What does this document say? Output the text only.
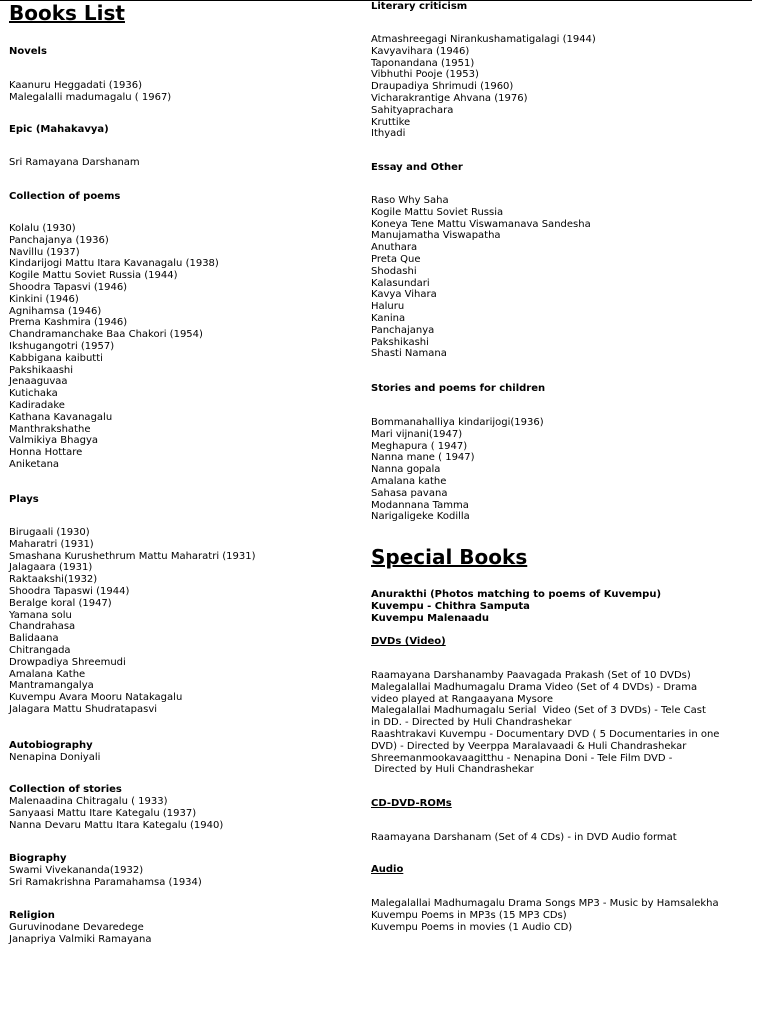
Books List
Novels
Kaanuru Heggadati (1936)
Malegalalli madumagalu ( 1967)
Epic (Mahakavya)
Sri Ramayana Darshanam
Collection of poems
Kolalu (1930)
Panchajanya (1936)
Navillu (1937)
Kindarijogi Mattu Itara Kavanagalu (1938)
Kogile Mattu Soviet Russia (1944)
Shoodra Tapasvi (1946)
Kinkini (1946)
Agnihamsa (1946)
Prema Kashmira (1946)
Chandramanchake Baa Chakori (1954)
Ikshugangotri (1957)
Kabbigana kaibutti
Pakshikaashi
Jenaaguvaa
Kutichaka
Kadiradake
Kathana Kavanagalu
Manthrakshathe
Valmikiya Bhagya
Honna Hottare
Aniketana
Plays
Birugaali (1930)
Maharatri (1931)
Smashana Kurushethrum Mattu Maharatri (1931)
Jalagaara (1931)
Raktaakshi(1932)
Shoodra Tapaswi (1944)
Beralge koral (1947)
Yamana solu
Chandrahasa
Balidaana
Chitrangada
Drowpadiya Shreemudi
Amalana Kathe
Mantramangalya
Kuvempu Avara Mooru Natakagalu
Jalagara Mattu Shudratapasvi
Autobiography
Nenapina Doniyali
Collection of stories
Malenaadina Chitragalu ( 1933)
Sanyaasi Mattu Itare Kategalu (1937)
Nanna Devaru Mattu Itara Kategalu (1940)
Biography
Swami Vivekananda(1932)
Sri Ramakrishna Paramahamsa (1934)
Religion
Guruvinodane Devaredege
Janapriya Valmiki Ramayana
Literary criticism
Atmashreegagi Nirankushamatigalagi (1944)
Kavyavihara (1946)
Taponandana (1951)
Vibhuthi Pooje (1953)
Draupadiya Shrimudi (1960)
Vicharakrantige Ahvana (1976)
Sahityaprachara
Kruttike
Ithyadi
Essay and Other
Raso Why Saha
Kogile Mattu Soviet Russia
Koneya Tene Mattu Viswamanava Sandesha
Manujamatha Viswapatha
Anuthara
Preta Que
Shodashi
Kalasundari
Kavya Vihara
Haluru
Kanina
Panchajanya
Pakshikashi
Shasti Namana
Stories and poems for children
Bommanahalliya kindarijogi(1936)
Mari vijnani(1947)
Meghapura ( 1947)
Nanna mane ( 1947)
Nanna gopala
Amalana kathe
Sahasa pavana
Modannana Tamma
Narigaligeke Kodilla
Special Books
Anurakthi (Photos matching to poems of Kuvempu)
Kuvempu - Chithra Samputa
Kuvempu Malenaadu
DVDs (Video)

Raamayana Darshanamby Paavagada Prakash (Set of 10 DVDs)
Malegalallai Madhumagalu Drama Video (Set of 4 DVDs) - Drama
video played at Rangaayana Mysore
Malegalallai Madhumagalu Serial  Video (Set of 3 DVDs) - Tele Cast
in DD. - Directed by Huli Chandrashekar
Raashtrakavi Kuvempu - Documentary DVD ( 5 Documentaries in one
DVD) - Directed by Veerppa Maralavaadi & Huli Chandrashekar
Shreemanmookavaagitthu - Nenapina Doni - Tele Film DVD -
Directed by Huli Chandrashekar

CD-DVD-ROMs
Raamayana Darshanam (Set of 4 CDs) - in DVD Audio format
Audio
Malegalallai Madhumagalu Drama Songs MP3 - Music by Hamsalekha
Kuvempu Poems in MP3s (15 MP3 CDs)
Kuvempu Poems in movies (1 Audio CD)
